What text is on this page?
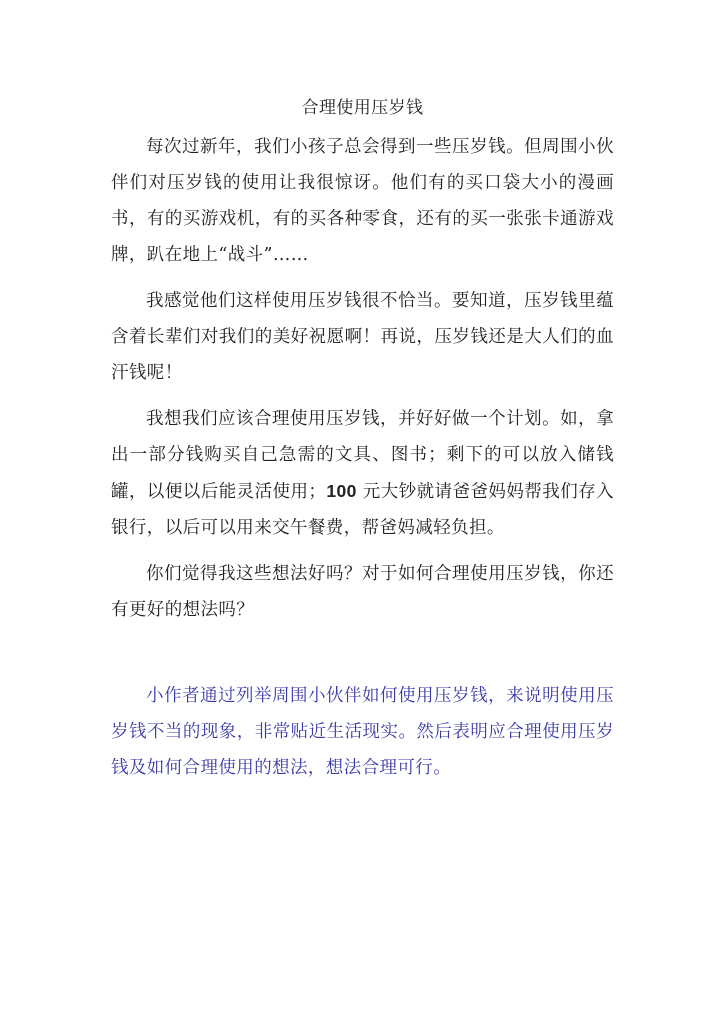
合理使用压岁钱

每次过新年，我们小孩子总会得到一些压岁钱。但周围小伙伴们对压岁钱的使用让我很惊讶。他们有的买口袋大小的漫画书，有的买游戏机，有的买各种零食，还有的买一张张卡通游戏牌，趴在地上“战斗”……

我感觉他们这样使用压岁钱很不恰当。要知道，压岁钱里蕴含着长辈们对我们的美好祝愿啊！再说，压岁钱还是大人们的血汗钱呢！

我想我们应该合理使用压岁钱，并好好做一个计划。如，拿出一部分钱购买自己急需的文具、图书；剩下的可以放入储钱罐，以便以后能灵活使用；100 元大钞就请爸爸妈妈帮我们存入银行，以后可以用来交午餐费，帮爸妈减轻负担。

你们觉得我这些想法好吗？对于如何合理使用压岁钱，你还有更好的想法吗？

小作者通过列举周围小伙伴如何使用压岁钱，来说明使用压岁钱不当的现象，非常贴近生活现实。然后表明应合理使用压岁钱及如何合理使用的想法，想法合理可行。
